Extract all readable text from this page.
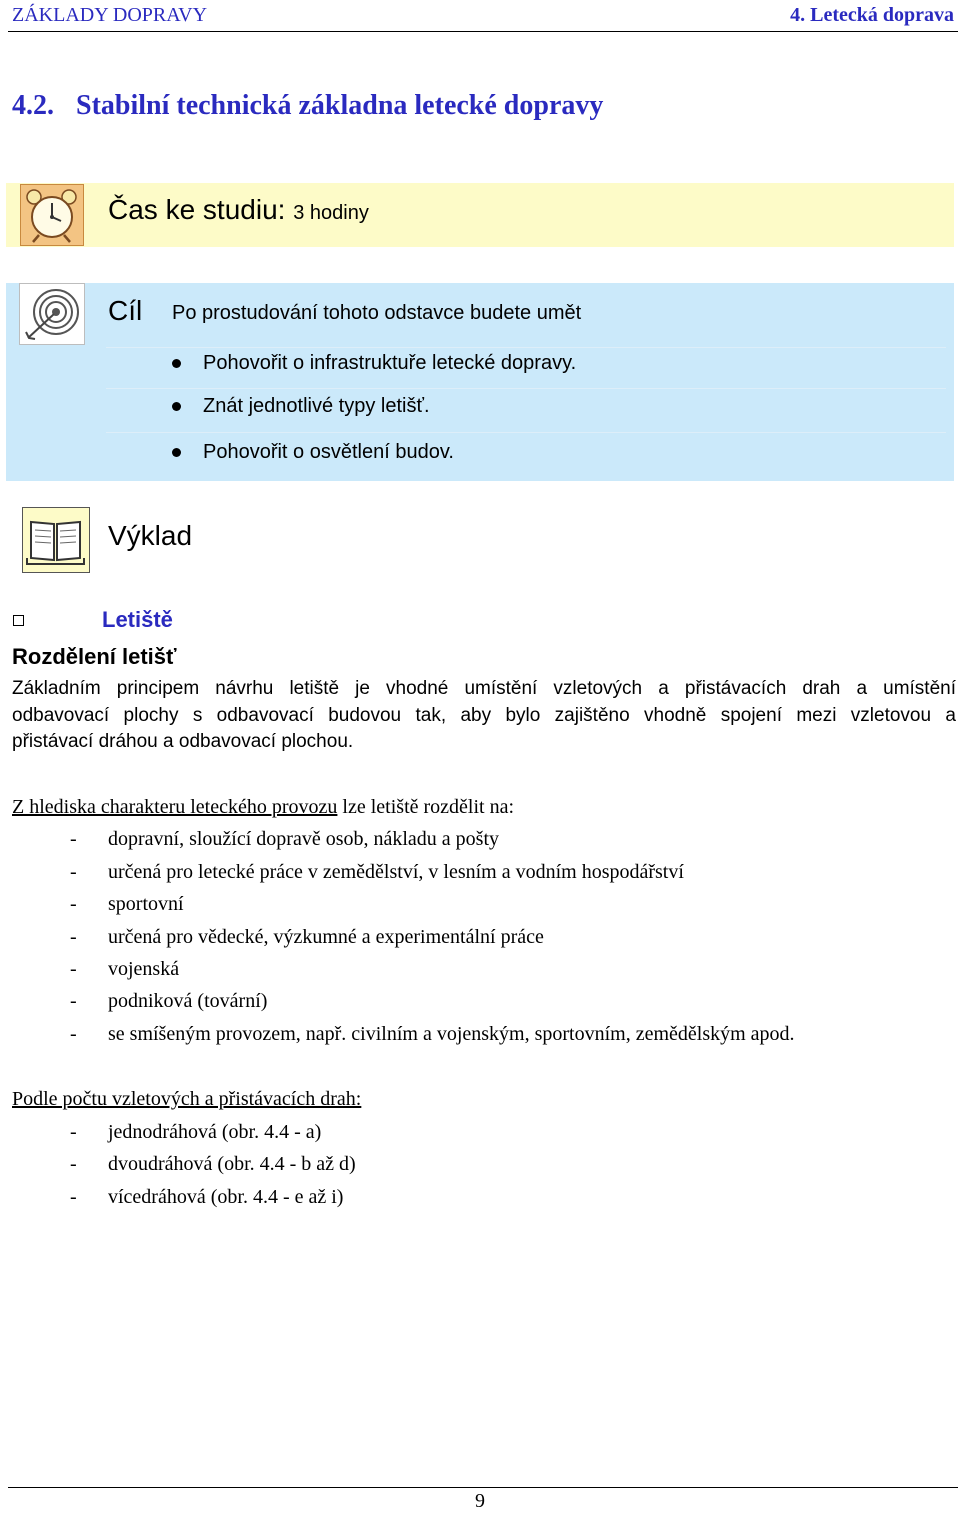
ZÁKLADY DOPRAVY	4. Letecká doprava
4.2. Stabilní technická základna letecké dopravy
Čas ke studiu: 3 hodiny
Cíl Po prostudování tohoto odstavce budete umět
Pohovořit o infrastruktuře letecké dopravy.
Znát jednotlivé typy letišť.
Pohovořit o osvětlení budov.
Výklad
Letiště
Rozdělení letišť
Základním principem návrhu letiště je vhodné umístění vzletových a přistávacích drah a umístění
odbavovací plochy s odbavovací budovou tak, aby bylo zajištěno vhodně spojení mezi vzletovou a
přistávací dráhou a odbavovací plochou.
Z hlediska charakteru leteckého provozu lze letiště rozdělit na:
- dopravní, sloužící dopravě osob, nákladu a pošty
- určená pro letecké práce v zemědělství, v lesním a vodním hospodářství
- sportovní
- určená pro vědecké, výzkumné a experimentální práce
- vojenská
- podniková (tovární)
- se smíšeným provozem, např. civilním a vojenským, sportovním, zemědělským apod.
Podle počtu vzletových a přistávacích drah:
- jednodráhová (obr. 4.4 - a)
- dvoudráhová (obr. 4.4 - b až d)
- vícedráhová (obr. 4.4 - e až i)
9
